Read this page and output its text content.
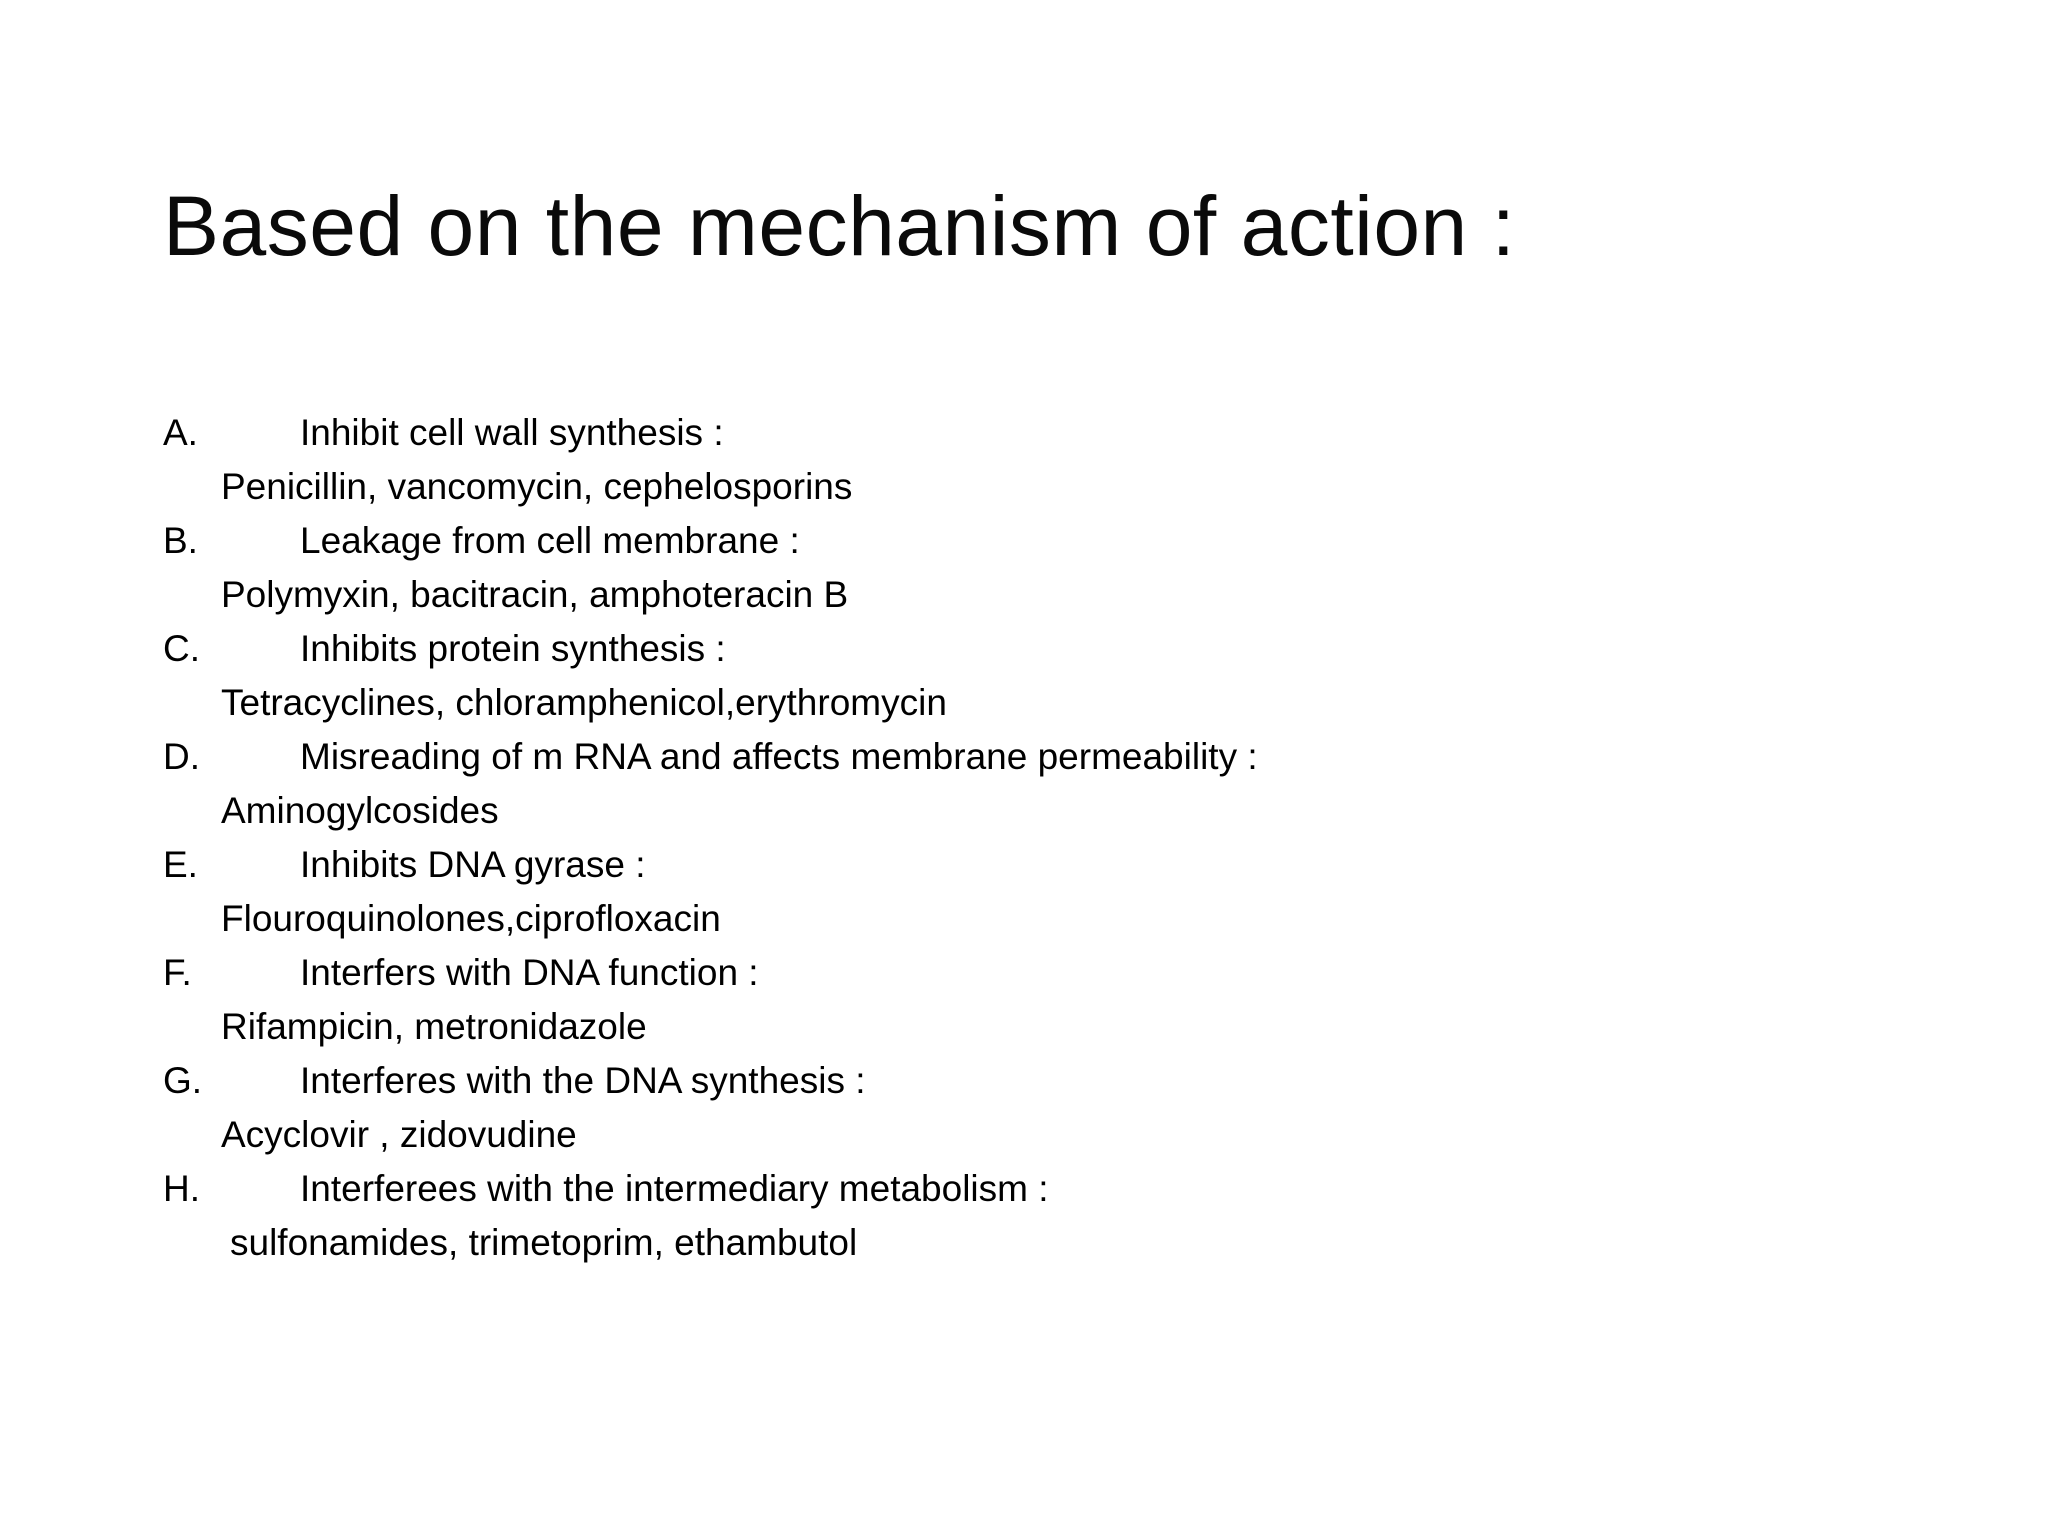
Based on the mechanism of action :
A.	Inhibit cell wall synthesis :
Penicillin, vancomycin, cephelosporins
B.	Leakage from cell membrane :
Polymyxin, bacitracin, amphoteracin B
C.	Inhibits protein synthesis :
Tetracyclines, chloramphenicol,erythromycin
D.	Misreading of m RNA and affects membrane permeability :
Aminogylcosides
E.	Inhibits DNA gyrase :
Flouroquinolones,ciprofloxacin
F.	Interfers with DNA function :
Rifampicin, metronidazole
G.	Interferes with the DNA synthesis :
Acyclovir , zidovudine
H.	Interferees with the intermediary metabolism :
sulfonamides, trimetoprim, ethambutol
